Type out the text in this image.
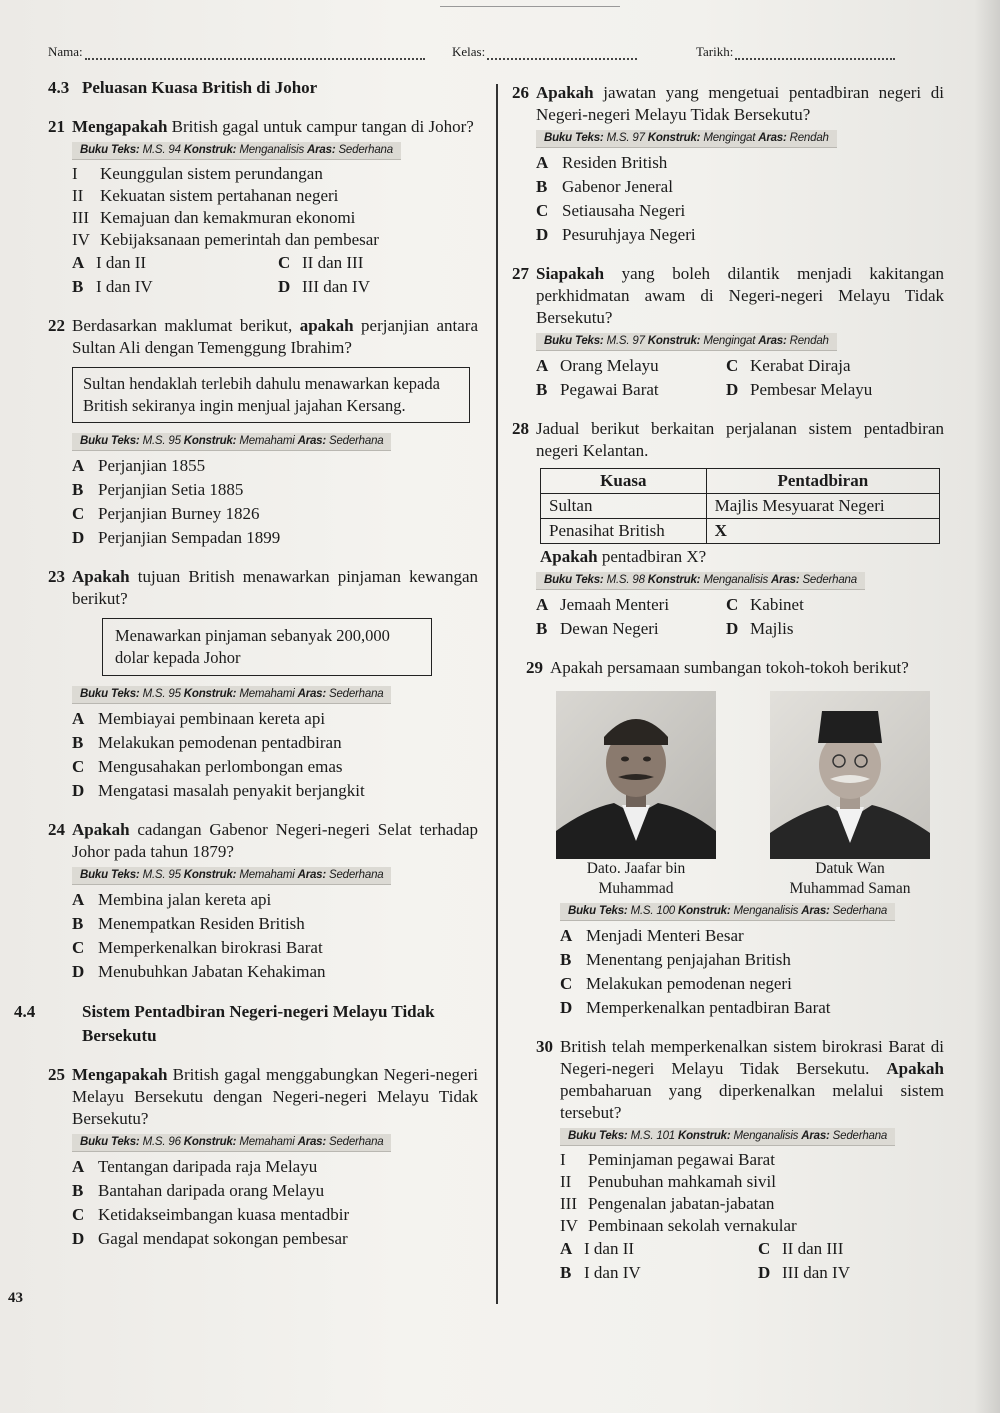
Nama:	Kelas:	Tarikh:
4.3 Peluasan Kuasa British di Johor
21 Mengapakah British gagal untuk campur tangan di Johor?
Buku Teks: M.S. 94 Konstruk: Menganalisis Aras: Sederhana
I Keunggulan sistem perundangan
II Kekuatan sistem pertahanan negeri
III Kemajuan dan kemakmuran ekonomi
IV Kebijaksanaan pemerintah dan pembesar
A I dan II	C II dan III
B I dan IV	D III dan IV
22 Berdasarkan maklumat berikut, apakah perjanjian antara Sultan Ali dengan Temenggung Ibrahim?
Sultan hendaklah terlebih dahulu menawarkan kepada British sekiranya ingin menjual jajahan Kersang.
Buku Teks: M.S. 95 Konstruk: Memahami Aras: Sederhana
A Perjanjian 1855
B Perjanjian Setia 1885
C Perjanjian Burney 1826
D Perjanjian Sempadan 1899
23 Apakah tujuan British menawarkan pinjaman kewangan berikut?
Menawarkan pinjaman sebanyak 200,000 dolar kepada Johor
Buku Teks: M.S. 95 Konstruk: Memahami Aras: Sederhana
A Membiayai pembinaan kereta api
B Melakukan pemodenan pentadbiran
C Mengusahakan perlombongan emas
D Mengatasi masalah penyakit berjangkit
24 Apakah cadangan Gabenor Negeri-negeri Selat terhadap Johor pada tahun 1879?
Buku Teks: M.S. 95 Konstruk: Memahami Aras: Sederhana
A Membina jalan kereta api
B Menempatkan Residen British
C Memperkenalkan birokrasi Barat
D Menubuhkan Jabatan Kehakiman
4.4	Sistem Pentadbiran Negeri-negeri Melayu Tidak Bersekutu
25 Mengapakah British gagal menggabungkan Negeri-negeri Melayu Bersekutu dengan Negeri-negeri Melayu Tidak Bersekutu?
Buku Teks: M.S. 96 Konstruk: Memahami Aras: Sederhana
A Tentangan daripada raja Melayu
B Bantahan daripada orang Melayu
C Ketidakseimbangan kuasa mentadbir
D Gagal mendapat sokongan pembesar
26 Apakah jawatan yang mengetuai pentadbiran negeri di Negeri-negeri Melayu Tidak Bersekutu?
Buku Teks: M.S. 97 Konstruk: Mengingat Aras: Rendah
A Residen British
B Gabenor Jeneral
C Setiausaha Negeri
D Pesuruhjaya Negeri
27 Siapakah yang boleh dilantik menjadi kakitangan perkhidmatan awam di Negeri-negeri Melayu Tidak Bersekutu?
Buku Teks: M.S. 97 Konstruk: Mengingat Aras: Rendah
A Orang Melayu	C Kerabat Diraja
B Pegawai Barat	D Pembesar Melayu
28 Jadual berikut berkaitan perjalanan sistem pentadbiran negeri Kelantan.
Kuasa	Pentadbiran
Sultan	Majlis Mesyuarat Negeri
Penasihat British	X
Apakah pentadbiran X?
Buku Teks: M.S. 98 Konstruk: Menganalisis Aras: Sederhana
A Jemaah Menteri	C Kabinet
B Dewan Negeri	D Majlis
29 Apakah persamaan sumbangan tokoh-tokoh berikut?
Dato. Jaafar bin
Muhammad
Datuk Wan
Muhammad Saman
Buku Teks: M.S. 100 Konstruk: Menganalisis Aras: Sederhana
A Menjadi Menteri Besar
B Menentang penjajahan British
C Melakukan pemodenan negeri
D Memperkenalkan pentadbiran Barat
30 British telah memperkenalkan sistem birokrasi Barat di Negeri-negeri Melayu Tidak Bersekutu. Apakah pembaharuan yang diperkenalkan melalui sistem tersebut?
Buku Teks: M.S. 101 Konstruk: Menganalisis Aras: Sederhana
I Peminjaman pegawai Barat
II Penubuhan mahkamah sivil
III Pengenalan jabatan-jabatan
IV Pembinaan sekolah vernakular
A I dan II	C II dan III
B I dan IV	D III dan IV
43
